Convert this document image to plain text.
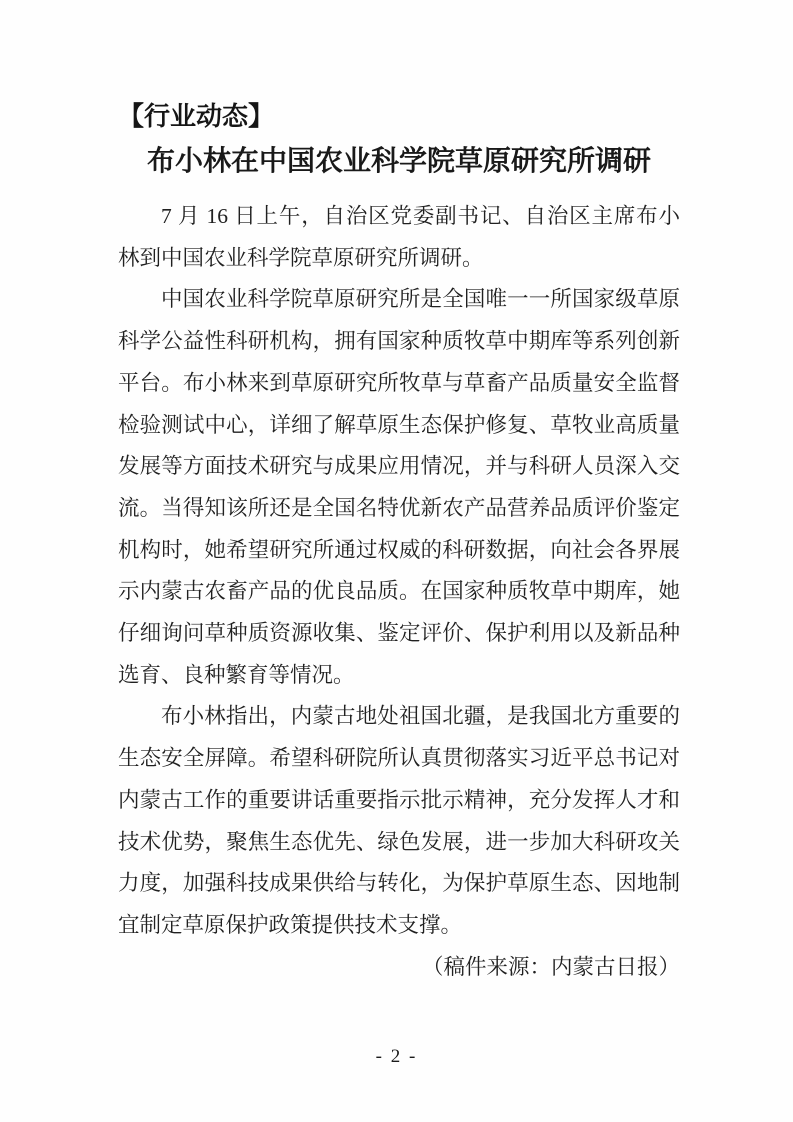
【行业动态】
布小林在中国农业科学院草原研究所调研

7 月 16 日上午，自治区党委副书记、自治区主席布小林到中国农业科学院草原研究所调研。

中国农业科学院草原研究所是全国唯一一所国家级草原科学公益性科研机构，拥有国家种质牧草中期库等系列创新平台。布小林来到草原研究所牧草与草畜产品质量安全监督检验测试中心，详细了解草原生态保护修复、草牧业高质量发展等方面技术研究与成果应用情况，并与科研人员深入交流。当得知该所还是全国名特优新农产品营养品质评价鉴定机构时，她希望研究所通过权威的科研数据，向社会各界展示内蒙古农畜产品的优良品质。在国家种质牧草中期库，她仔细询问草种质资源收集、鉴定评价、保护利用以及新品种选育、良种繁育等情况。

布小林指出，内蒙古地处祖国北疆，是我国北方重要的生态安全屏障。希望科研院所认真贯彻落实习近平总书记对内蒙古工作的重要讲话重要指示批示精神，充分发挥人才和技术优势，聚焦生态优先、绿色发展，进一步加大科研攻关力度，加强科技成果供给与转化，为保护草原生态、因地制宜制定草原保护政策提供技术支撑。

（稿件来源：内蒙古日报）

- 2 -
